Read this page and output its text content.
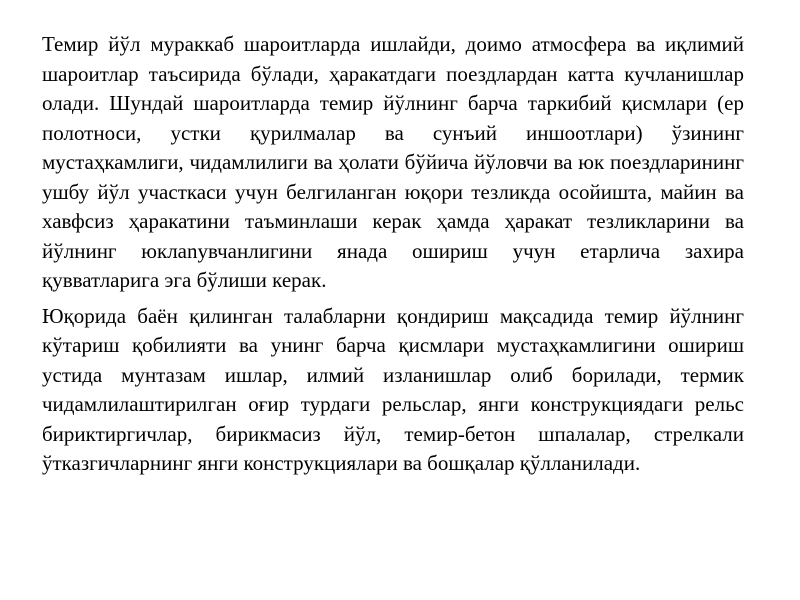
Темир йўл мураккаб шароитларда ишлайди, доимо атмосфера ва иқлимий шароитлар таъсирида бўлади, ҳаракатдаги поездлардан катта кучланишлар олади. Шундай шароитларда темир йўлнинг барча таркибий қисмлари (ер полотноси, устки қурилмалар ва сунъий иншоотлари) ўзининг мустаҳкамлиги, чидамлилиги ва ҳолати бўйича йўловчи ва юк поездларининг ушбу йўл участкаси учун белгиланган юқори тезликда осойишта, майин ва хавфсиз ҳаракатини таъминлаши керак ҳамда ҳаракат тезликларини ва йўлнинг юклanувчанлигини янада ошириш учун етарлича захира қувватларига эга бўлиши керак.

Юқорида баён қилинган талабларни қондириш мақсадида темир йўлнинг кўтариш қобилияти ва унинг барча қисмлари мустаҳкамлигини ошириш устида мунтазам ишлар, илмий изланишлар олиб борилади, термик чидамлилаштирилган оғир турдаги рельслар, янги конструкциядаги рельс бириктиргичлар, бирикмасиз йўл, темир-бетон шпалалар, стрелкали ўтказгичларнинг янги конструкциялари ва бошқалар қўлланилади.
